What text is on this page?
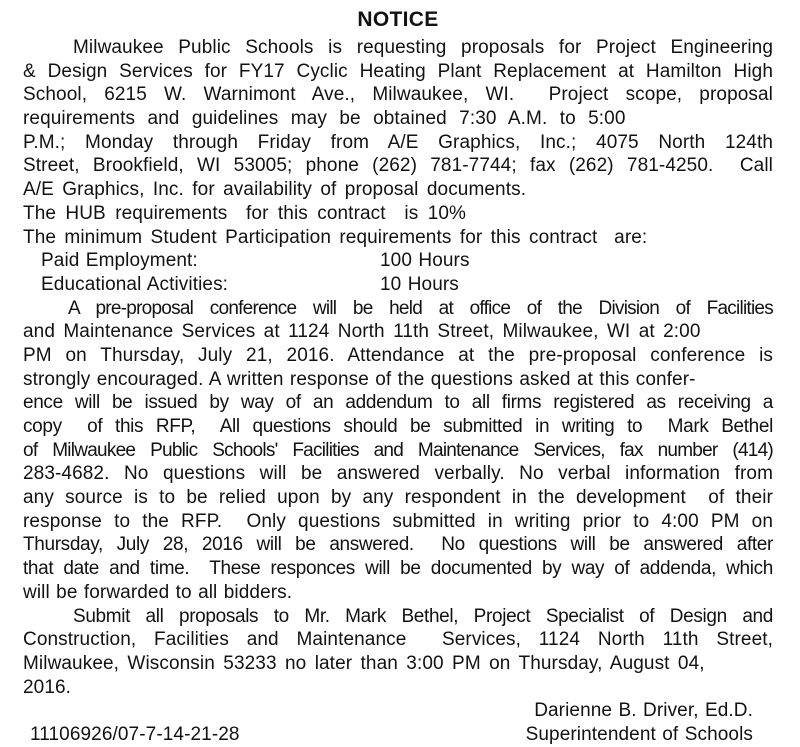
NOTICE
Milwaukee Public Schools is requesting proposals for Project Engineering
& Design Services for FY17 Cyclic Heating Plant Replacement at Hamilton High
School, 6215 W. Warnimont Ave., Milwaukee, WI.  Project scope, proposal
requirements and guidelines may be obtained 7:30 A.M. to 5:00
P.M.; Monday through Friday from A/E Graphics, Inc.; 4075 North 124th
Street, Brookfield, WI 53005; phone (262) 781-7744; fax (262) 781-4250.  Call
A/E Graphics, Inc. for availability of proposal documents.
The HUB requirements  for this contract  is 10%
The minimum Student Participation requirements for this contract  are:
Paid Employment:	100 Hours
Educational Activities:	10 Hours
A pre-proposal conference will be held at office of the Division of Facilities
and Maintenance Services at 1124 North 11th Street, Milwaukee, WI at 2:00
PM on Thursday, July 21, 2016. Attendance at the pre-proposal conference is
strongly encouraged. A written response of the questions asked at this confer-
ence will be issued by way of an addendum to all firms registered as receiving a
copy  of this RFP,  All questions should be submitted in writing to  Mark Bethel
of Milwaukee Public Schools' Facilities and Maintenance Services, fax number (414)
283-4682. No questions will be answered verbally. No verbal information from
any source is to be relied upon by any respondent in the development  of their
response to the RFP.  Only questions submitted in writing prior to 4:00 PM on
Thursday, July 28, 2016 will be answered.  No questions will be answered after
that date and time.  These responces will be documented by way of addenda, which
will be forwarded to all bidders.
Submit all proposals to Mr. Mark Bethel, Project Specialist of Design and
Construction, Facilities and Maintenance  Services, 1124 North 11th Street,
Milwaukee, Wisconsin 53233 no later than 3:00 PM on Thursday, August 04,
2016.
Darienne B. Driver, Ed.D.
11106926/07-7-14-21-28	Superintendent of Schools
